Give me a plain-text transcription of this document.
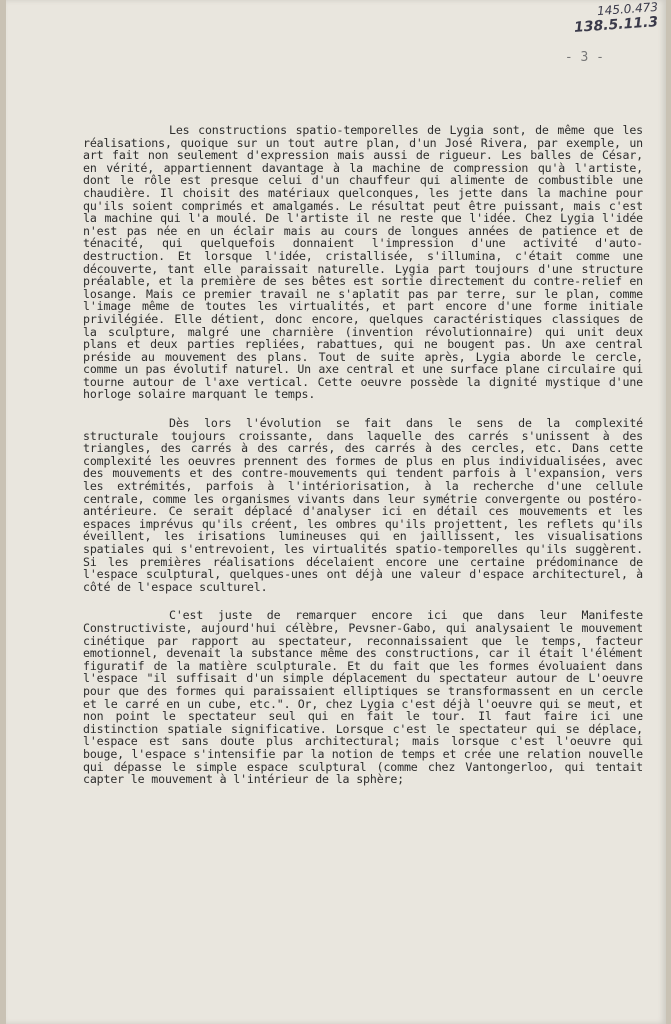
145.0.473
138.5.11.3
- 3 -

Les constructions spatio-temporelles de Lygia sont, de même que les réalisations, quoique sur un tout autre plan, d'un José Rivera, par exemple, un art fait non seulement d'expression mais aussi de rigueur. Les balles de César, en vérité, appartiennent davantage à la machine de compression qu'à l'artiste, dont le rôle est presque celui d'un chauffeur qui alimente de combustible une chaudière. Il choisit des matériaux quelconques, les jette dans la machine pour qu'ils soient comprimés et amalgamés. Le résultat peut être puissant, mais c'est la machine qui l'a moulé. De l'artiste il ne reste que l'idée. Chez Lygia l'idée n'est pas née en un éclair mais au cours de longues années de patience et de ténacité, qui quelquefois donnaient l'impression d'une activité d'auto-destruction. Et lorsque l'idée, cristallisée, s'illumina, c'était comme une découverte, tant elle paraissait naturelle. Lygia part toujours d'une structure préalable, et la première de ses bêtes est sortie directement du contre-relief en losange. Mais ce premier travail ne s'aplatit pas par terre, sur le plan, comme l'image même de toutes les virtualités, et part encore d'une forme initiale privilégiée. Elle détient, donc encore, quelques caractéristiques classiques de la sculpture, malgré une charnière (invention révolutionnaire) qui unit deux plans et deux parties repliées, rabattues, qui ne bougent pas. Un axe central préside au mouvement des plans. Tout de suite après, Lygia aborde le cercle, comme un pas évolutif naturel. Un axe central et une surface plane circulaire qui tourne autour de l'axe vertical. Cette oeuvre possède la dignité mystique d'une horloge solaire marquant le temps.

Dès lors l'évolution se fait dans le sens de la complexité structurale toujours croissante, dans laquelle des carrés s'unissent à des triangles, des carrés à des carrés, des carrés à des cercles, etc. Dans cette complexité les oeuvres prennent des formes de plus en plus individualisées, avec des mouvements et des contre-mouvements qui tendent parfois à l'expansion, vers les extrémités, parfois à l'intériorisation, à la recherche d'une cellule centrale, comme les organismes vivants dans leur symétrie convergente ou postéro-antérieure. Ce serait déplacé d'analyser ici en détail ces mouvements et les espaces imprévus qu'ils créent, les ombres qu'ils projettent, les reflets qu'ils éveillent, les irisations lumineuses qui en jaillissent, les visualisations spatiales qui s'entrevoient, les virtualités spatio-temporelles qu'ils suggèrent. Si les premières réalisations décelaient encore une certaine prédominance de l'espace sculptural, quelques-unes ont déjà une valeur d'espace architecturel, à côté de l'espace sculturel.

C'est juste de remarquer encore ici que dans leur Manifeste Constructiviste, aujourd'hui célèbre, Pevsner-Gabo, qui analysaient le mouvement cinétique par rapport au spectateur, reconnaissaient que le temps, facteur emotionnel, devenait la substance même des constructions, car il était l'élément figuratif de la matière sculpturale. Et du fait que les formes évoluaient dans l'espace "il suffisait d'un simple déplacement du spectateur autour de L'oeuvre pour que des formes qui paraissaient elliptiques se transformassent en un cercle et le carré en un cube, etc.". Or, chez Lygia c'est déjà l'oeuvre qui se meut, et non point le spectateur seul qui en fait le tour. Il faut faire ici une distinction spatiale significative. Lorsque c'est le spectateur qui se déplace, l'espace est sans doute plus architectural; mais lorsque c'est l'oeuvre qui bouge, l'espace s'intensifie par la notion de temps et crée une relation nouvelle qui dépasse le simple espace sculptural (comme chez Vantongerloo, qui tentait capter le mouvement à l'intérieur de la sphère;
